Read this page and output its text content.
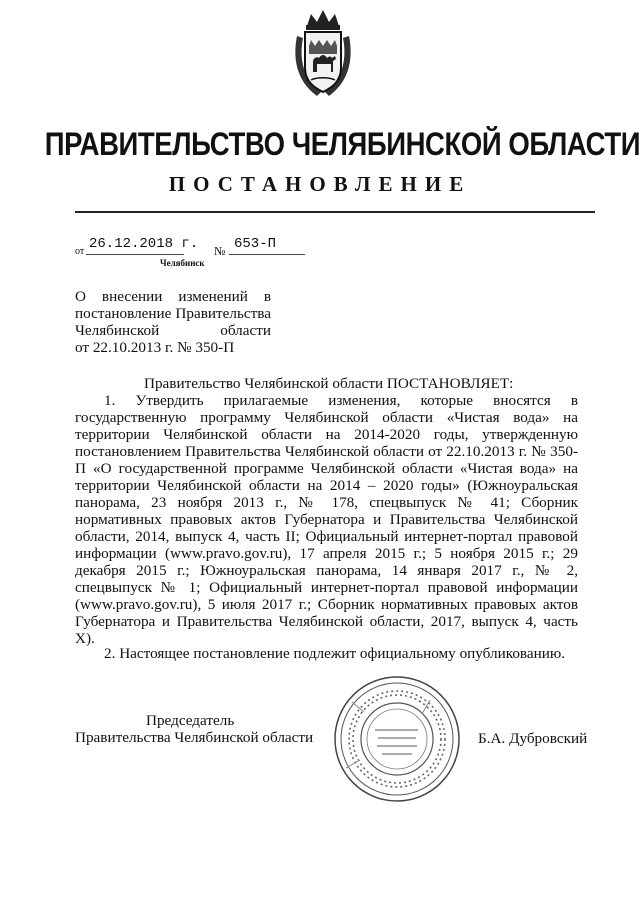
ПРАВИТЕЛЬСТВО ЧЕЛЯБИНСКОЙ ОБЛАСТИ
ПОСТАНОВЛЕНИЕ
от 26.12.2018 г. № 653-П
Челябинск

О внесении изменений в

постановление Правительства

Челябинской области

от 22.10.2013 г. № 350-П

Правительство Челябинской области ПОСТАНОВЛЯЕТ:

1. Утвердить прилагаемые изменения, которые вносятся в государственную программу Челябинской области «Чистая вода» на территории Челябинской области на 2014-2020 годы, утвержденную постановлением Правительства Челябинской области от 22.10.2013 г. № 350-П «О государственной программе Челябинской области «Чистая вода» на территории Челябинской области на 2014 – 2020 годы» (Южноуральская панорама, 23 ноября 2013 г., № 178, спецвыпуск № 41; Сборник нормативных правовых актов Губернатора и Правительства Челябинской области, 2014, выпуск 4, часть II; Официальный интернет-портал правовой информации (www.pravo.gov.ru), 17 апреля 2015 г.; 5 ноября 2015 г.; 29 декабря 2015 г.; Южноуральская панорама, 14 января 2017 г., № 2, спецвыпуск № 1; Официальный интернет-портал правовой информации (www.pravo.gov.ru), 5 июля 2017 г.; Сборник нормативных правовых актов Губернатора и Правительства Челябинской области, 2017, выпуск 4, часть X).

2. Настоящее постановление подлежит официальному опубликованию.
Председатель
Правительства Челябинской области	Б.А. Дубровский
